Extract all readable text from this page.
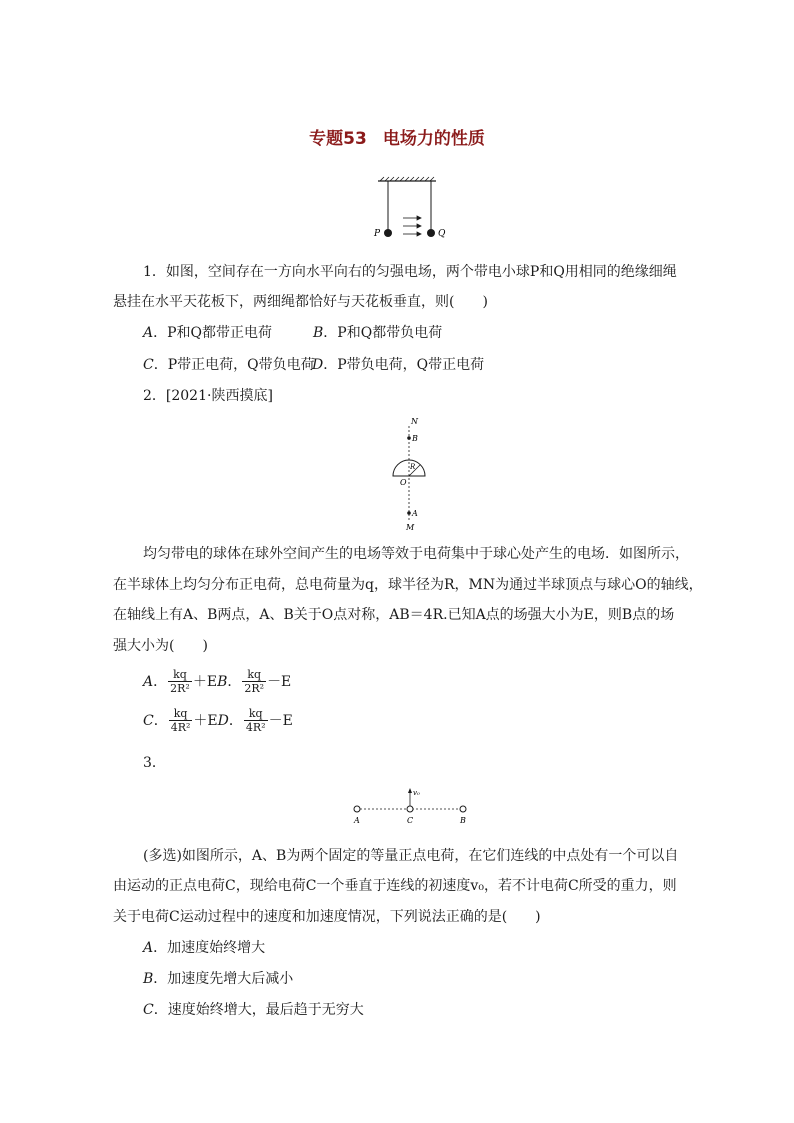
专题53 电场力的性质
P	Q
1．如图，空间存在一方向水平向右的匀强电场，两个带电小球P和Q用相同的绝缘细绳
悬挂在水平天花板下，两细绳都恰好与天花板垂直，则(　　)
A．P和Q都带正电荷	B．P和Q都带负电荷
C．P带正电荷，Q带负电荷
D．P带负电荷，Q带正电荷
2．[2021·陕西摸底]
N
B
R
O
A
M
均匀带电的球体在球外空间产生的电场等效于电荷集中于球心处产生的电场．如图所示，
在半球体上均匀分布正电荷，总电荷量为q，球半径为R，MN为通过半球顶点与球心O的轴线，
在轴线上有A、B两点，A、B关于O点对称，AB＝4R.已知A点的场强大小为E，则B点的场
强大小为(　　)
A． $\frac{kq}{\text{2R²}} +EB$． $\frac{kq}{\text{2R²}} -E$
C． $\frac{kq}{\text{4R²}} +ED$． $\frac{kq}{\text{4R²}} -E$
3．
v₀
A	C	B
(多选)如图所示，A、B为两个固定的等量正点电荷，在它们连线的中点处有一个可以自
由运动的正点电荷C，现给电荷C一个垂直于连线的初速度v₀，若不计电荷C所受的重力，则
关于电荷C运动过程中的速度和加速度情况，下列说法正确的是(　　)
A．加速度始终增大
B．加速度先增大后减小
C．速度始终增大，最后趋于无穷大
